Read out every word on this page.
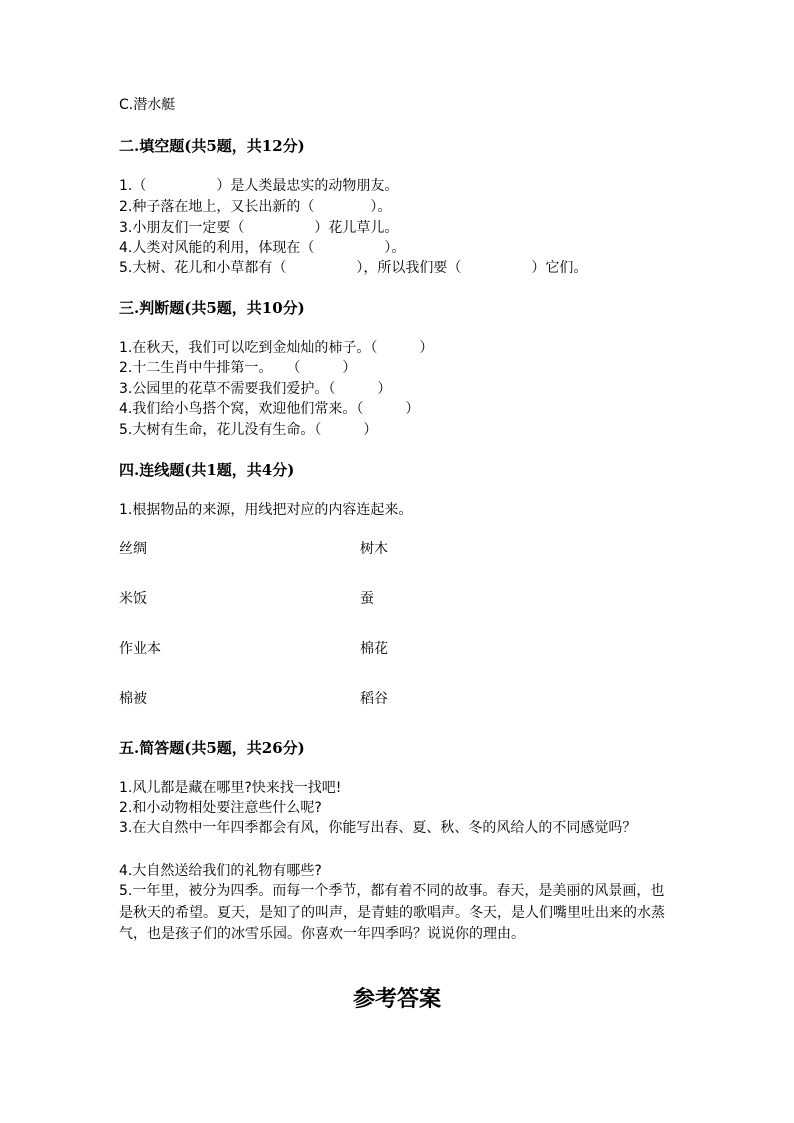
C.潜水艇

二.填空题(共5题，共12分)

1.（　　　　　）是人类最忠实的动物朋友。

2.种子落在地上，又长出新的（　　　　）。

3.小朋友们一定要（　　　　　）花儿草儿。

4.人类对风能的利用，体现在（　　　　　）。

5.大树、花儿和小草都有（　　　　　），所以我们要（　　　　　）它们。

三.判断题(共5题，共10分)

1.在秋天，我们可以吃到金灿灿的柿子。（　　　）

2.十二生肖中牛排第一。　　（　　　）

3.公园里的花草不需要我们爱护。（　　　）

4.我们给小鸟搭个窝，欢迎他们常来。（　　　）

5.大树有生命，花儿没有生命。（　　　）

四.连线题(共1题，共4分)

1.根据物品的来源，用线把对应的内容连起来。

丝绸	树木

米饭	蚕

作业本	棉花

棉被	稻谷

五.简答题(共5题，共26分)

1.风儿都是藏在哪里?快来找一找吧!

2.和小动物相处要注意些什么呢?

3.在大自然中一年四季都会有风，你能写出春、夏、秋、冬的风给人的不同感觉吗？

4.大自然送给我们的礼物有哪些?

5.一年里，被分为四季。而每一个季节，都有着不同的故事。春天，是美丽的风景画，也是秋天的希望。夏天，是知了的叫声，是青蛙的歌唱声。冬天，是人们嘴里吐出来的水蒸气，也是孩子们的冰雪乐园。你喜欢一年四季吗？说说你的理由。

参考答案
